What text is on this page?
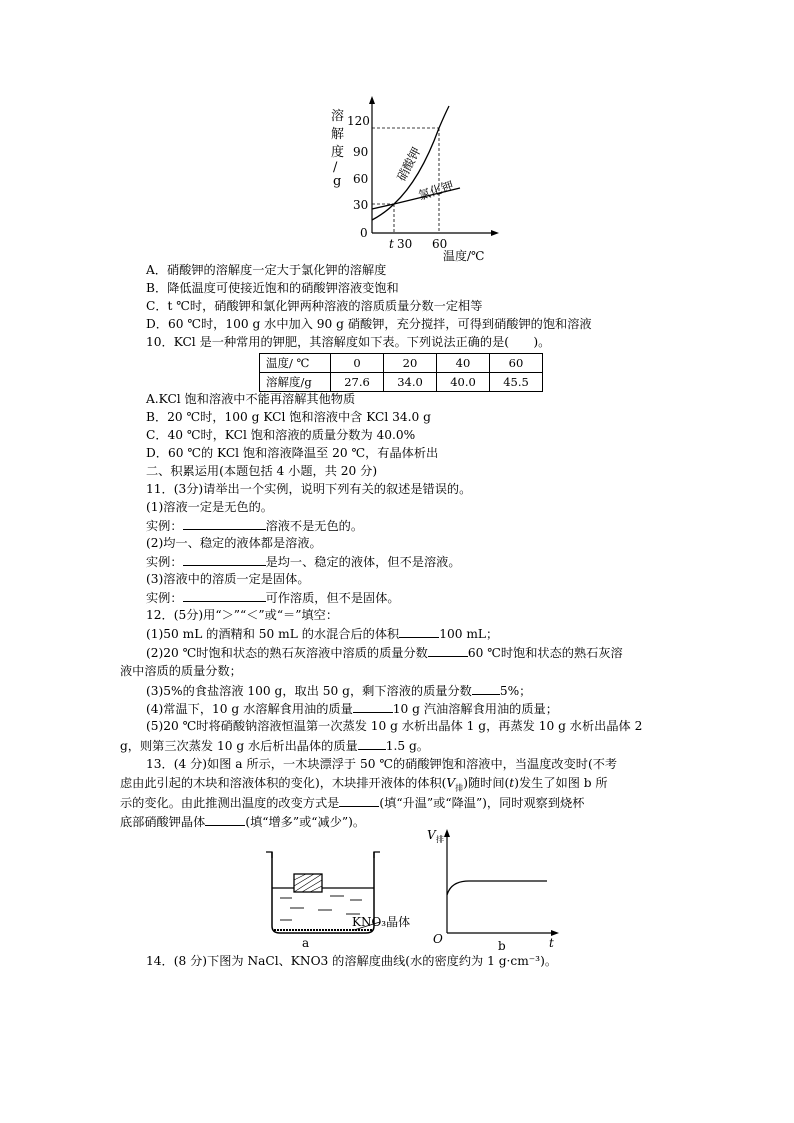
溶
解
度
/
g
120
90
60
30
0
硝酸钾
氯化钾
t 30 60
温度/℃
A．硝酸钾的溶解度一定大于氯化钾的溶解度
B．降低温度可使接近饱和的硝酸钾溶液变饱和
C．t ℃时，硝酸钾和氯化钾两种溶液的溶质质量分数一定相等
D．60 ℃时，100 g 水中加入 90 g 硝酸钾，充分搅拌，可得到硝酸钾的饱和溶液
10．KCl 是一种常用的钾肥，其溶解度如下表。下列说法正确的是(　　)。
温度/ ℃	0	20	40	60
溶解度/g	27.6	34.0	40.0	45.5
A.KCl 饱和溶液中不能再溶解其他物质
B．20 ℃时，100 g KCl 饱和溶液中含 KCl 34.0 g
C．40 ℃时，KCl 饱和溶液的质量分数为 40.0%
D．60 ℃的 KCl 饱和溶液降温至 20 ℃，有晶体析出
二、积累运用(本题包括 4 小题，共 20 分)
11．(3分)请举出一个实例，说明下列有关的叙述是错误的。
(1)溶液一定是无色的。
实例：	溶液不是无色的。
(2)均一、稳定的液体都是溶液。
实例：	是均一、稳定的液体，但不是溶液。
(3)溶液中的溶质一定是固体。
实例：	可作溶质，但不是固体。
12．(5分)用“＞”“＜”或“＝”填空：
(1)50 mL 的酒精和 50 mL 的水混合后的体积	100 mL；
(2)20 ℃时饱和状态的熟石灰溶液中溶质的质量分数	60 ℃时饱和状态的熟石灰溶
液中溶质的质量分数；
(3)5%的食盐溶液 100 g，取出 50 g，剩下溶液的质量分数 5%；
(4)常温下，10 g 水溶解食用油的质量	10 g 汽油溶解食用油的质量；
(5)20 ℃时将硝酸钠溶液恒温第一次蒸发 10 g 水析出晶体 1 g，再蒸发 10 g 水析出晶体 2
g，则第三次蒸发 10 g 水后析出晶体的质量 1.5 g。
13．(4 分)如图 a 所示，一木块漂浮于 50 ℃的硝酸钾饱和溶液中，当温度改变时(不考
虑由此引起的木块和溶液体积的变化)，木块排开液体的体积$(V_排)$随时间(t)发生了如图 b 所
示的变化。由此推测出温度的改变方式是	(填“升温”或“降温”)，同时观察到烧杯
底部硝酸钾晶体	(填“增多”或“减少”)。
KNO₃晶体
a
V 排
O	t
b
14．(8 分)下图为 NaCl、KNO3 的溶解度曲线(水的密度约为 1 g·cm⁻³)。
